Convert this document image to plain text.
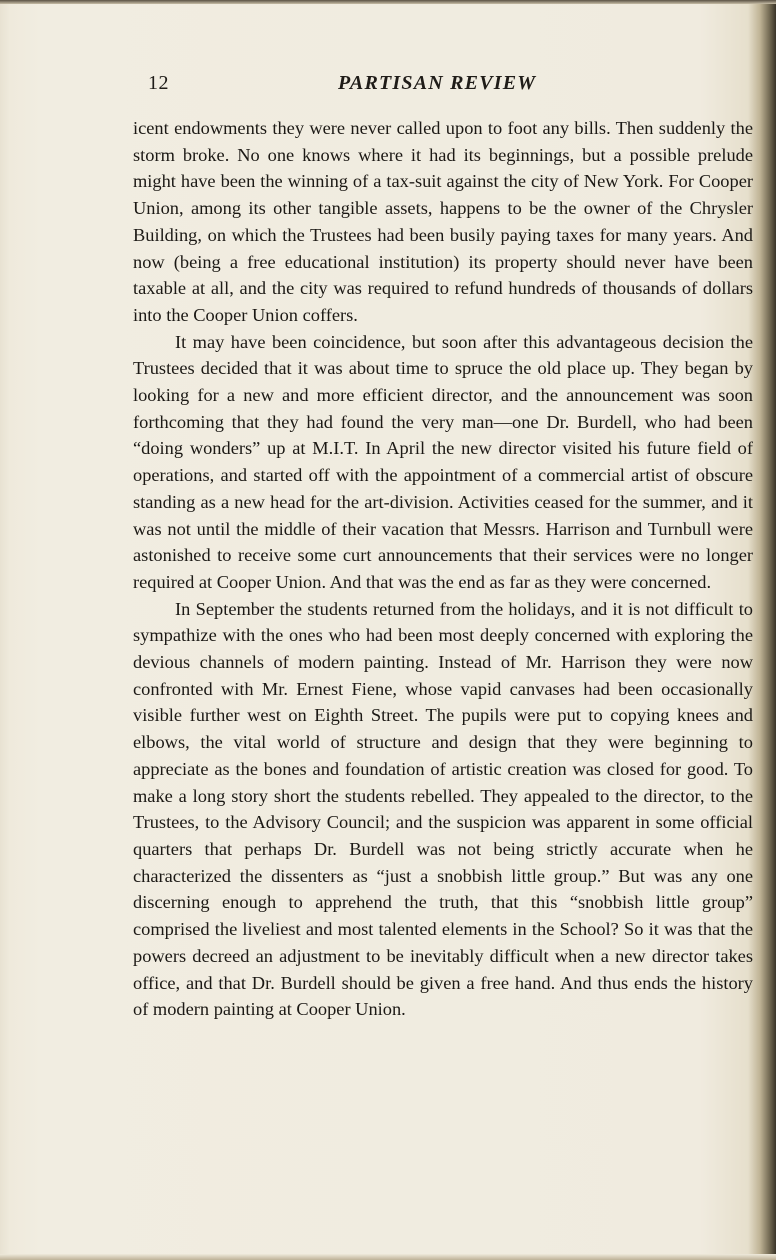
12	PARTISAN REVIEW

icent endowments they were never called upon to foot any bills. Then suddenly the storm broke. No one knows where it had its beginnings, but a possible prelude might have been the winning of a tax-suit against the city of New York. For Cooper Union, among its other tangible assets, happens to be the owner of the Chrysler Building, on which the Trustees had been busily paying taxes for many years. And now (being a free educational institution) its property should never have been taxable at all, and the city was required to refund hundreds of thousands of dollars into the Cooper Union coffers.

It may have been coincidence, but soon after this advantageous decision the Trustees decided that it was about time to spruce the old place up. They began by looking for a new and more efficient director, and the announcement was soon forthcoming that they had found the very man—one Dr. Burdell, who had been “doing wonders” up at M.I.T. In April the new director visited his future field of operations, and started off with the appointment of a commercial artist of obscure standing as a new head for the art-division. Activities ceased for the summer, and it was not until the middle of their vacation that Messrs. Harrison and Turnbull were astonished to receive some curt announcements that their services were no longer required at Cooper Union. And that was the end as far as they were concerned.

In September the students returned from the holidays, and it is not difficult to sympathize with the ones who had been most deeply concerned with exploring the devious channels of modern painting. Instead of Mr. Harrison they were now confronted with Mr. Ernest Fiene, whose vapid canvases had been occasionally visible further west on Eighth Street. The pupils were put to copying knees and elbows, the vital world of structure and design that they were beginning to appreciate as the bones and foundation of artistic creation was closed for good. To make a long story short the students rebelled. They appealed to the director, to the Trustees, to the Advisory Council; and the suspicion was apparent in some official quarters that perhaps Dr. Burdell was not being strictly accurate when he characterized the dissenters as “just a snobbish little group.” But was any one discerning enough to apprehend the truth, that this “snobbish little group” comprised the liveliest and most talented elements in the School? So it was that the powers decreed an adjustment to be inevitably difficult when a new director takes office, and that Dr. Burdell should be given a free hand. And thus ends the history of modern painting at Cooper Union.
